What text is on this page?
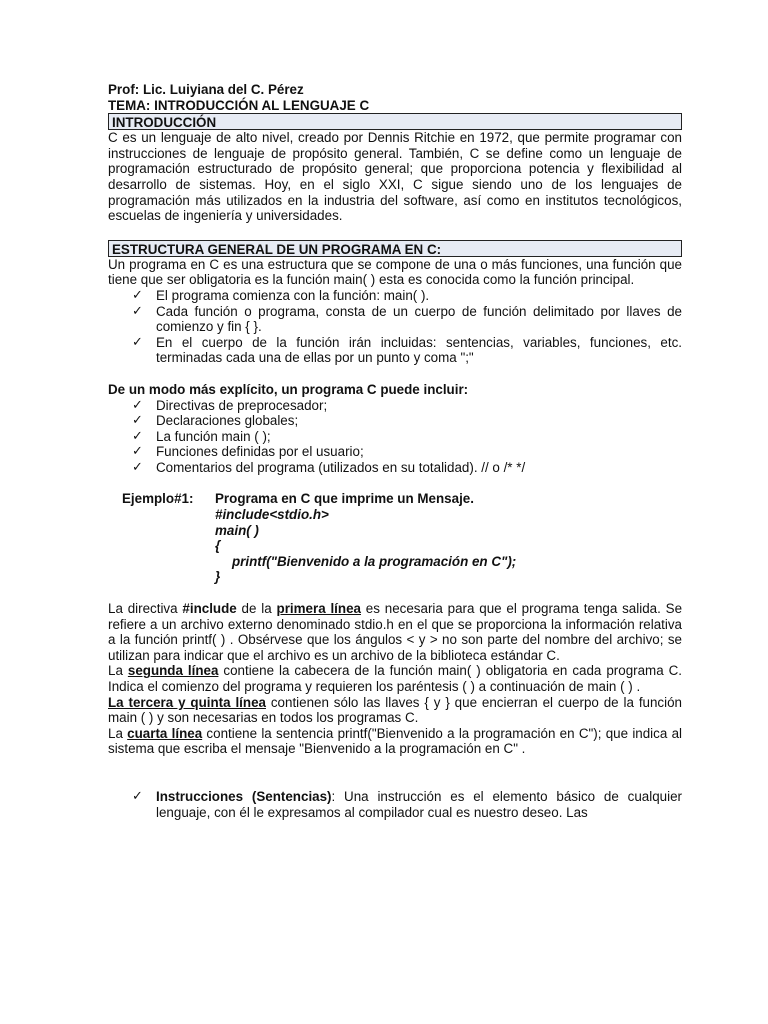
Prof: Lic. Luiyiana del C. Pérez

TEMA: INTRODUCCIÓN AL LENGUAJE C

INTRODUCCIÓN

C es un lenguaje de alto nivel, creado por Dennis Ritchie en 1972, que permite programar con instrucciones de lenguaje de propósito general. También, C se define como un lenguaje de programación estructurado de propósito general; que proporciona potencia y flexibilidad al desarrollo de sistemas. Hoy, en el siglo XXI, C sigue siendo uno de los lenguajes de programación más utilizados en la industria del software, así como en institutos tecnológicos, escuelas de ingeniería y universidades.

ESTRUCTURA GENERAL DE UN PROGRAMA EN C:

Un programa en C es una estructura que se compone de una o más funciones, una función que tiene que ser obligatoria es la función main( ) esta es conocida como la función principal.

✓ El programa comienza con la función: main( ).
✓ Cada función o programa, consta de un cuerpo de función delimitado por llaves de comienzo y fin { }.
✓ En el cuerpo de la función irán incluidas: sentencias, variables, funciones, etc. terminadas cada una de ellas por un punto y coma ";"

De un modo más explícito, un programa C puede incluir:

✓ Directivas de preprocesador;
✓ Declaraciones globales;
✓ La función main ( );
✓ Funciones definidas por el usuario;
✓ Comentarios del programa (utilizados en su totalidad). // o /* */
Ejemplo#1:	Programa en C que imprime un Mensaje.
#include<stdio.h>
main( )
{
printf("Bienvenido a la programación en C");
}

La directiva #include de la primera línea es necesaria para que el programa tenga salida. Se refiere a un archivo externo denominado stdio.h en el que se proporciona la información relativa a la función printf( ) . Obsérvese que los ángulos < y > no son parte del nombre del archivo; se utilizan para indicar que el archivo es un archivo de la biblioteca estándar C.

La segunda línea contiene la cabecera de la función main( ) obligatoria en cada programa C. Indica el comienzo del programa y requieren los paréntesis ( ) a continuación de main ( ) .

La tercera y quinta línea contienen sólo las llaves { y } que encierran el cuerpo de la función main ( ) y son necesarias en todos los programas C.

La cuarta línea contiene la sentencia printf("Bienvenido a la programación en C"); que indica al sistema que escriba el mensaje "Bienvenido a la programación en C" .

✓ Instrucciones (Sentencias): Una instrucción es el elemento básico de cualquier lenguaje, con él le expresamos al compilador cual es nuestro deseo. Las
